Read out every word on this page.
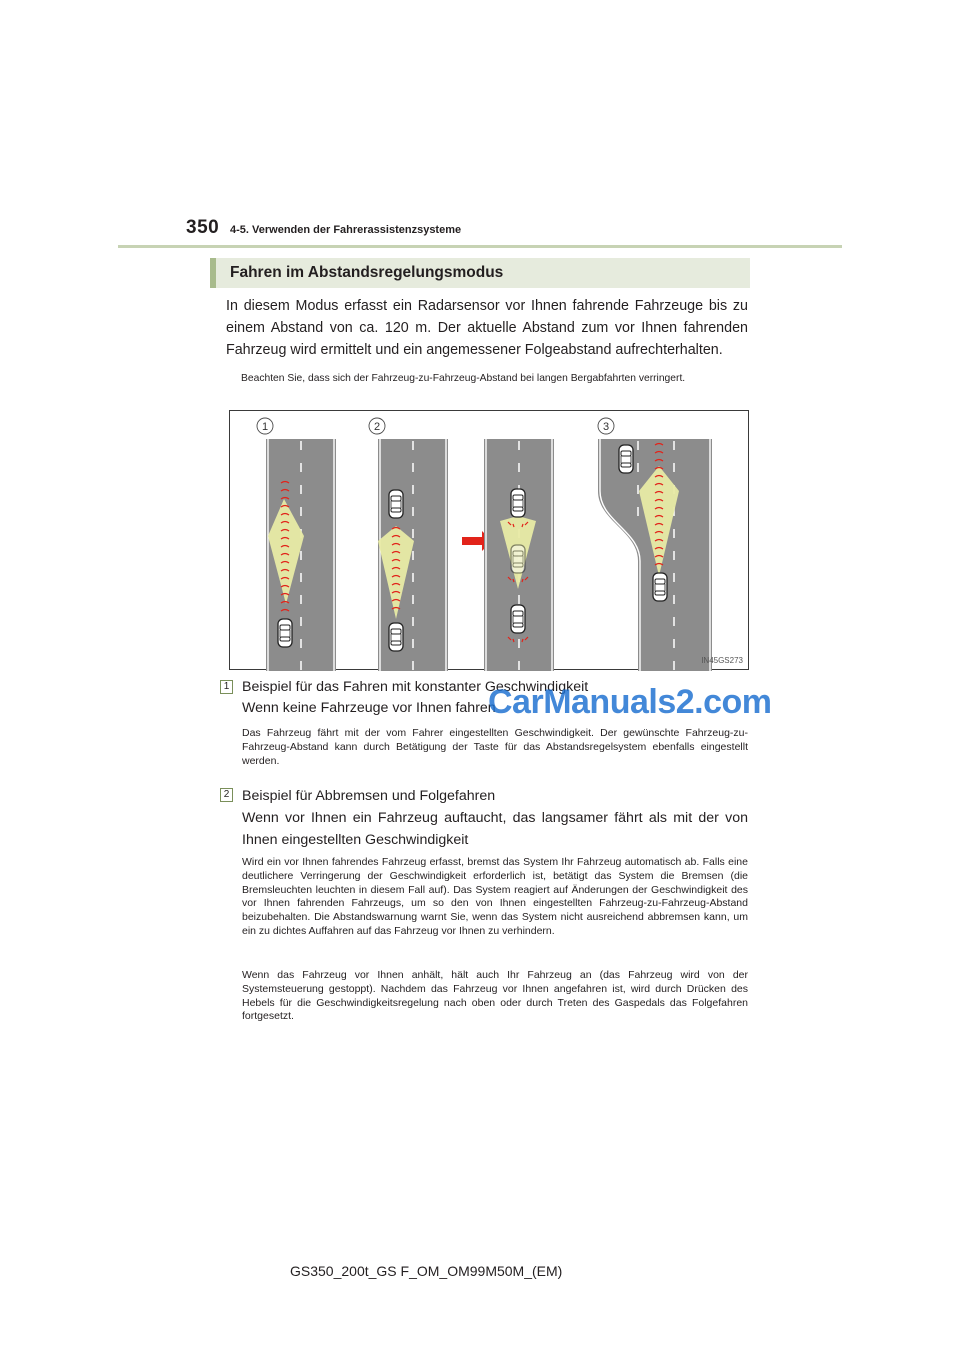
350 4-5. Verwenden der Fahrerassistenzsysteme
Fahren im Abstandsregelungsmodus

In diesem Modus erfasst ein Radarsensor vor Ihnen fahrende Fahrzeuge bis zu einem Abstand von ca. 120 m. Der aktuelle Abstand zum vor Ihnen fahrenden Fahrzeug wird ermittelt und ein angemessener Folgeabstand aufrechterhalten.

Beachten Sie, dass sich der Fahrzeug-zu-Fahrzeug-Abstand bei langen Bergabfahrten verringert.

1	2	3
IN45GS273
1 Beispiel für das Fahren mit konstanter Geschwindigkeit
Wenn keine Fahrzeuge vor Ihnen fahren

Das Fahrzeug fährt mit der vom Fahrer eingestellten Geschwindigkeit. Der gewünschte Fahrzeug-zu-Fahrzeug-Abstand kann durch Betätigung der Taste für das Abstandsregelsystem ebenfalls eingestellt werden.

2 Beispiel für Abbremsen und Folgefahren
Wenn vor Ihnen ein Fahrzeug auftaucht, das langsamer fährt als mit der von Ihnen eingestellten Geschwindigkeit

Wird ein vor Ihnen fahrendes Fahrzeug erfasst, bremst das System Ihr Fahrzeug automatisch ab. Falls eine deutlichere Verringerung der Geschwindigkeit erforderlich ist, betätigt das System die Bremsen (die Bremsleuchten leuchten in diesem Fall auf). Das System reagiert auf Änderungen der Geschwindigkeit des vor Ihnen fahrenden Fahrzeugs, um so den von Ihnen eingestellten Fahrzeug-zu-Fahrzeug-Abstand beizubehalten. Die Abstandswarnung warnt Sie, wenn das System nicht ausreichend abbremsen kann, um ein zu dichtes Auffahren auf das Fahrzeug vor Ihnen zu verhindern.

Wenn das Fahrzeug vor Ihnen anhält, hält auch Ihr Fahrzeug an (das Fahrzeug wird von der Systemsteuerung gestoppt). Nachdem das Fahrzeug vor Ihnen angefahren ist, wird durch Drücken des Hebels für die Geschwindigkeitsregelung nach oben oder durch Treten des Gaspedals das Folgefahren fortgesetzt.

CarManuals2.com
GS350_200t_GS F_OM_OM99M50M_(EM)
